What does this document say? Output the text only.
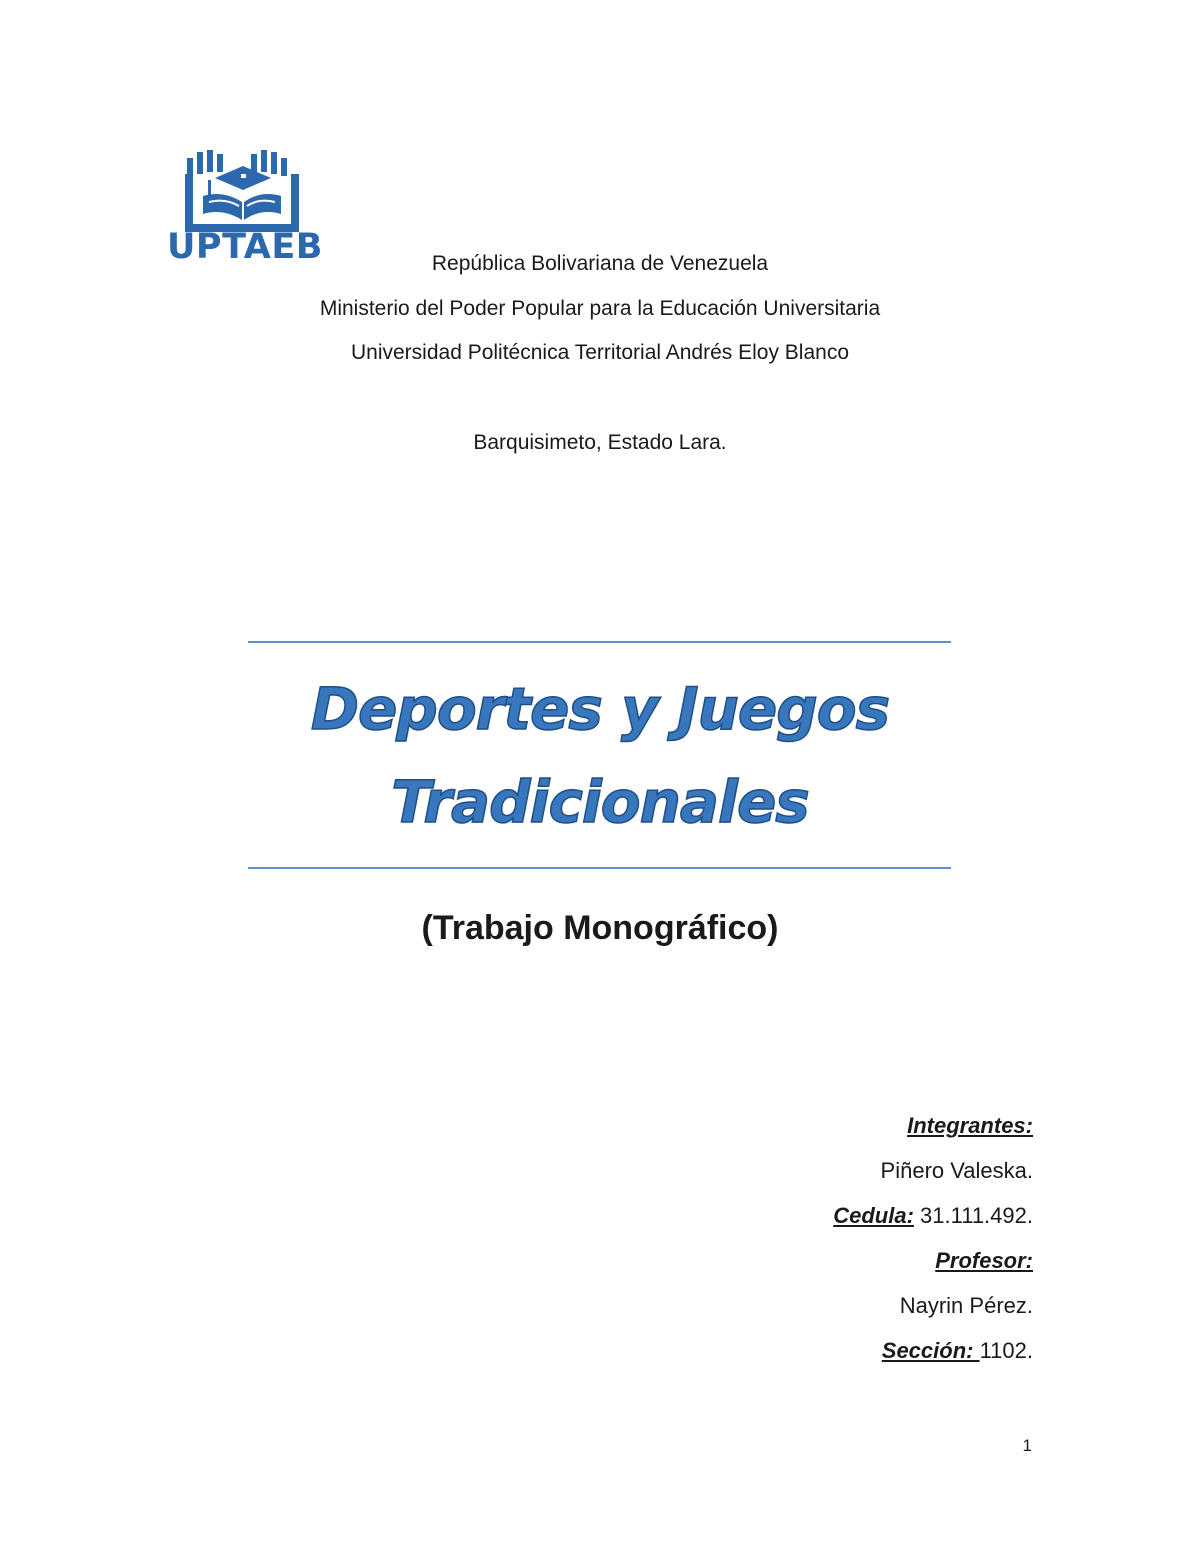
UPTAEB	República Bolivariana de Venezuela
Ministerio del Poder Popular para la Educación Universitaria
Universidad Politécnica Territorial Andrés Eloy Blanco
Barquisimeto, Estado Lara.
Deportes y Juegos
Tradicionales
(Trabajo Monográfico)
Integrantes:
Piñero Valeska.
Cedula: 31.111.492.
Profesor:
Nayrin Pérez.
Sección: 1102.
1
